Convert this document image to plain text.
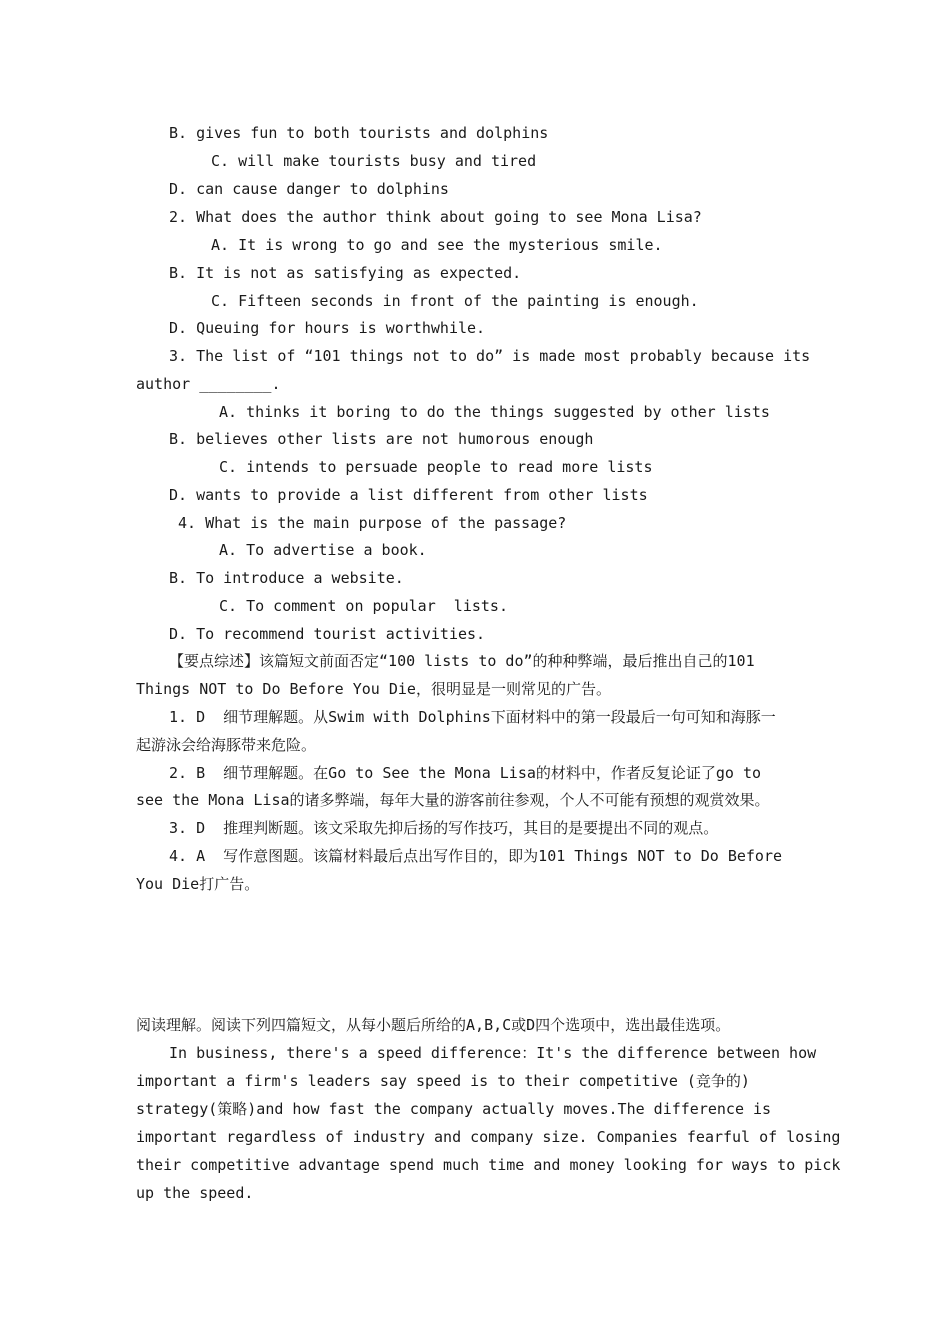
B. gives fun to both tourists and dolphins
C. will make tourists busy and tired
D. can cause danger to dolphins
2. What does the author think about going to see Mona Lisa?
A. It is wrong to go and see the mysterious smile.
B. It is not as satisfying as expected.
C. Fifteen seconds in front of the painting is enough.
D. Queuing for hours is worthwhile.
3. The list of “101 things not to do” is made most probably because its
author ________.
A. thinks it boring to do the things suggested by other lists
B. believes other lists are not humorous enough
C. intends to persuade people to read more lists
D. wants to provide a list different from other lists
4. What is the main purpose of the passage?
A. To advertise a book.
B. To introduce a website.
C. To comment on popular  lists.
D. To recommend tourist activities.
【要点综述】该篇短文前面否定“100 lists to do”的种种弊端，最后推出自己的101
Things NOT to Do Before You Die，很明显是一则常见的广告。
1. D  细节理解题。从Swim with Dolphins下面材料中的第一段最后一句可知和海豚一
起游泳会给海豚带来危险。
2. B  细节理解题。在Go to See the Mona Lisa的材料中，作者反复论证了go to
see the Mona Lisa的诸多弊端，每年大量的游客前往参观，个人不可能有预想的观赏效果。
3. D  推理判断题。该文采取先抑后扬的写作技巧，其目的是要提出不同的观点。
4. A  写作意图题。该篇材料最后点出写作目的，即为101 Things NOT to Do Before
You Die打广告。
阅读理解。阅读下列四篇短文，从每小题后所给的A,B,C或D四个选项中，选出最佳选项。
In business, there's a speed difference：It's the difference between how
important a firm's leaders say speed is to their competitive (竞争的)
strategy(策略)and how fast the company actually moves.The difference is
important regardless of industry and company size. Companies fearful of losing
their competitive advantage spend much time and money looking for ways to pick
up the speed.
